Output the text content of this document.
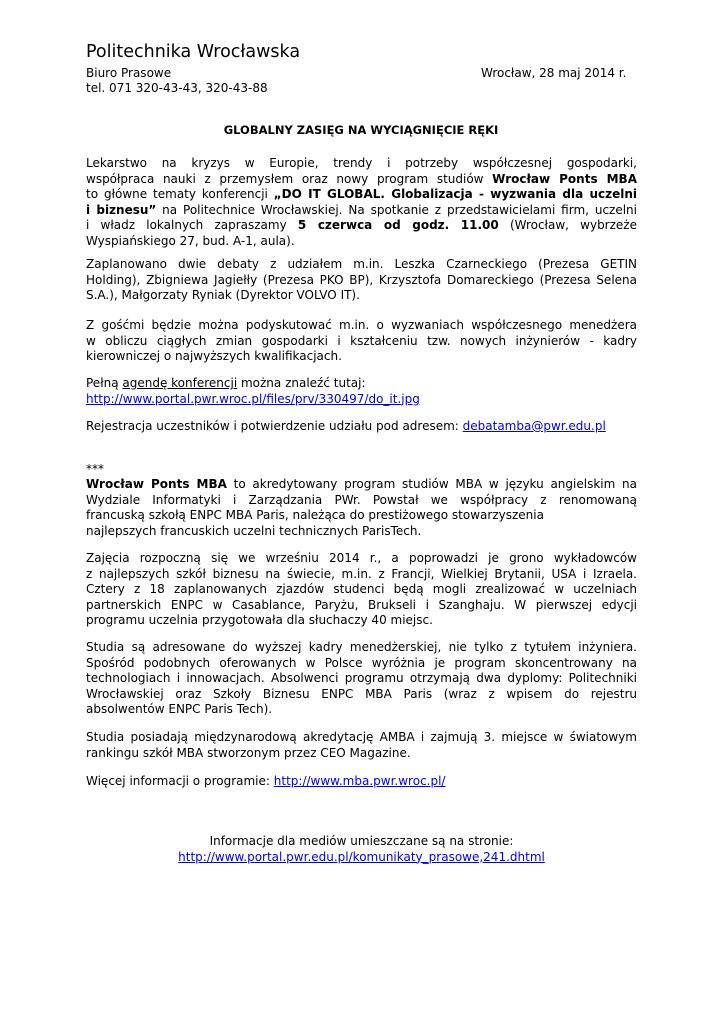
Politechnika Wrocławska
Biuro Prasowe	Wrocław, 28 maj 2014 r.
tel. 071 320-43-43, 320-43-88
GLOBALNY ZASIĘG NA WYCIĄGNIĘCIE RĘKI
Lekarstwo na kryzys w Europie, trendy i potrzeby współczesnej gospodarki,
współpraca nauki z przemysłem oraz nowy program studiów Wrocław Ponts MBA
to główne tematy konferencji „DO IT GLOBAL. Globalizacja - wyzwania dla uczelni
i biznesu” na Politechnice Wrocławskiej. Na spotkanie z przedstawicielami firm, uczelni
i władz lokalnych zapraszamy 5 czerwca od godz. 11.00 (Wrocław, wybrzeże
Wyspiańskiego 27, bud. A-1, aula).
Zaplanowano dwie debaty z udziałem m.in. Leszka Czarneckiego (Prezesa GETIN
Holding), Zbigniewa Jagiełły (Prezesa PKO BP), Krzysztofa Domareckiego (Prezesa Selena
S.A.), Małgorzaty Ryniak (Dyrektor VOLVO IT).
Z gośćmi będzie można podyskutować m.in. o wyzwaniach współczesnego menedżera
w obliczu ciągłych zmian gospodarki i kształceniu tzw. nowych inżynierów - kadry
kierowniczej o najwyższych kwalifikacjach.
Pełną agendę konferencji można znaleźć tutaj:
http://www.portal.pwr.wroc.pl/files/prv/330497/do_it.jpg
Rejestracja uczestników i potwierdzenie udziału pod adresem: debatamba@pwr.edu.pl
***
Wrocław Ponts MBA to akredytowany program studiów MBA w języku angielskim na
Wydziale Informatyki i Zarządzania PWr. Powstał we współpracy z renomowaną
francuską szkołą ENPC MBA Paris, należąca do prestiżowego stowarzyszenia
najlepszych francuskich uczelni technicznych ParisTech.
Zajęcia rozpoczną się we wrześniu 2014 r., a poprowadzi je grono wykładowców
z najlepszych szkół biznesu na świecie, m.in. z Francji, Wielkiej Brytanii, USA i Izraela.
Cztery z 18 zaplanowanych zjazdów studenci będą mogli zrealizować w uczelniach
partnerskich ENPC w Casablance, Paryżu, Brukseli i Szanghaju. W pierwszej edycji
programu uczelnia przygotowała dla słuchaczy 40 miejsc.
Studia są adresowane do wyższej kadry menedżerskiej, nie tylko z tytułem inżyniera.
Spośród podobnych oferowanych w Polsce wyróżnia je program skoncentrowany na
technologiach i innowacjach. Absolwenci programu otrzymają dwa dyplomy: Politechniki
Wrocławskiej oraz Szkoły Biznesu ENPC MBA Paris (wraz z wpisem do rejestru
absolwentów ENPC Paris Tech).
Studia posiadają międzynarodową akredytację AMBA i zajmują 3. miejsce w światowym
rankingu szkół MBA stworzonym przez CEO Magazine.
Więcej informacji o programie: http://www.mba.pwr.wroc.pl/
Informacje dla mediów umieszczane są na stronie:
http://www.portal.pwr.edu.pl/komunikaty_prasowe,241.dhtml
